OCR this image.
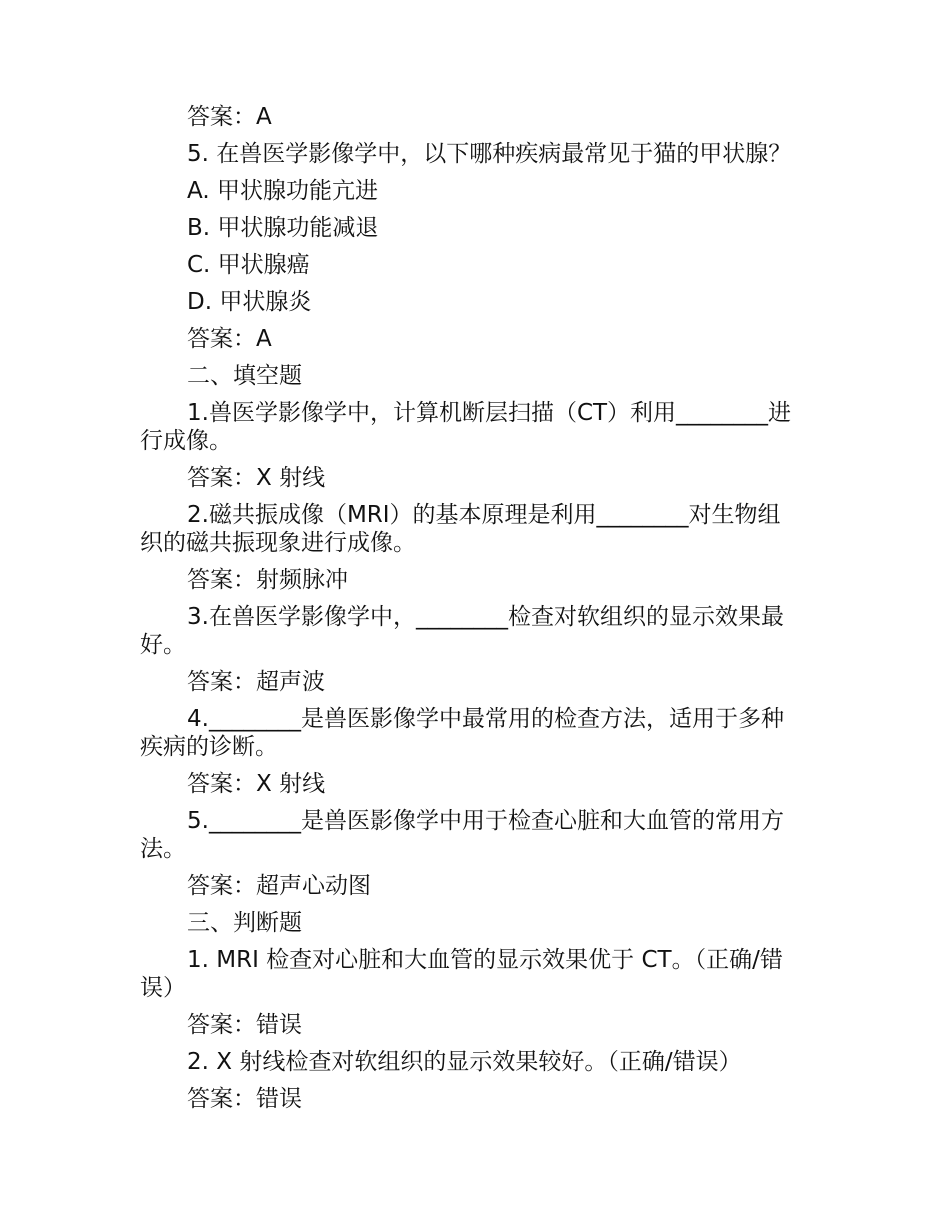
答案：A
5. 在兽医学影像学中，以下哪种疾病最常见于猫的甲状腺？
A. 甲状腺功能亢进
B. 甲状腺功能减退
C. 甲状腺癌
D. 甲状腺炎
答案：A
二、填空题
1.兽医学影像学中，计算机断层扫描（CT）利用________进行成像。
答案：X 射线
2.磁共振成像（MRI）的基本原理是利用________对生物组织的磁共振现象进行成像。
答案：射频脉冲
3.在兽医学影像学中，________检查对软组织的显示效果最好。
答案：超声波
4.________是兽医影像学中最常用的检查方法，适用于多种疾病的诊断。
答案：X 射线
5.________是兽医影像学中用于检查心脏和大血管的常用方法。
答案：超声心动图
三、判断题
1. MRI 检查对心脏和大血管的显示效果优于 CT。（正确/错误）
答案：错误
2. X 射线检查对软组织的显示效果较好。（正确/错误）
答案：错误
